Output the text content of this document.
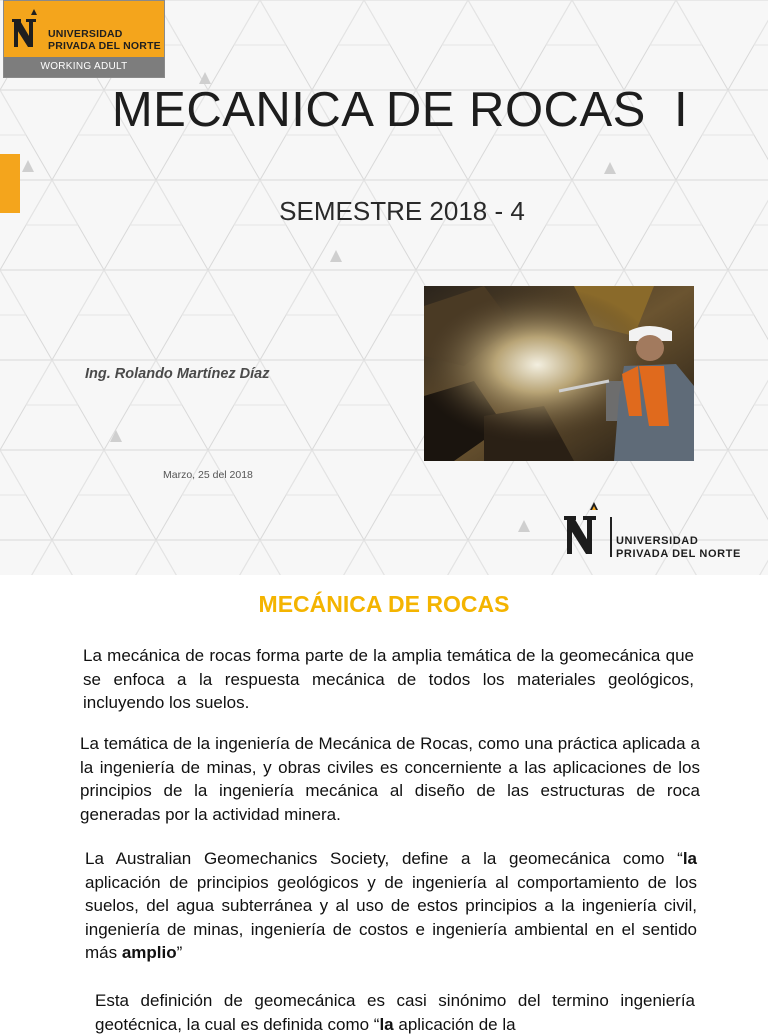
UNIVERSIDAD
PRIVADA DEL NORTE
WORKING ADULT
MECANICA DE ROCAS  I
SEMESTRE 2018 - 4
Ing. Rolando Martínez Díaz
Marzo, 25 del 2018
UNIVERSIDAD
PRIVADA DEL NORTE
MECÁNICA DE ROCAS
La mecánica de rocas forma parte de la amplia temática de la geomecánica que se enfoca a la respuesta mecánica de todos los materiales geológicos, incluyendo los suelos.
La temática de la ingeniería de Mecánica de Rocas, como una práctica aplicada a la ingeniería de minas, y obras civiles es concerniente a las aplicaciones de los principios de la ingeniería mecánica al diseño de las estructuras de roca generadas por la actividad minera.
La Australian Geomechanics Society, define a la geomecánica como “la aplicación de principios geológicos y de ingeniería al comportamiento de los suelos, del agua subterránea y al uso de estos principios a la ingeniería civil, ingeniería de minas, ingeniería de costos e ingeniería ambiental en el sentido más amplio”
Esta definición de geomecánica es casi sinónimo del termino ingeniería geotécnica, la cual es definida como “la aplicación de la
